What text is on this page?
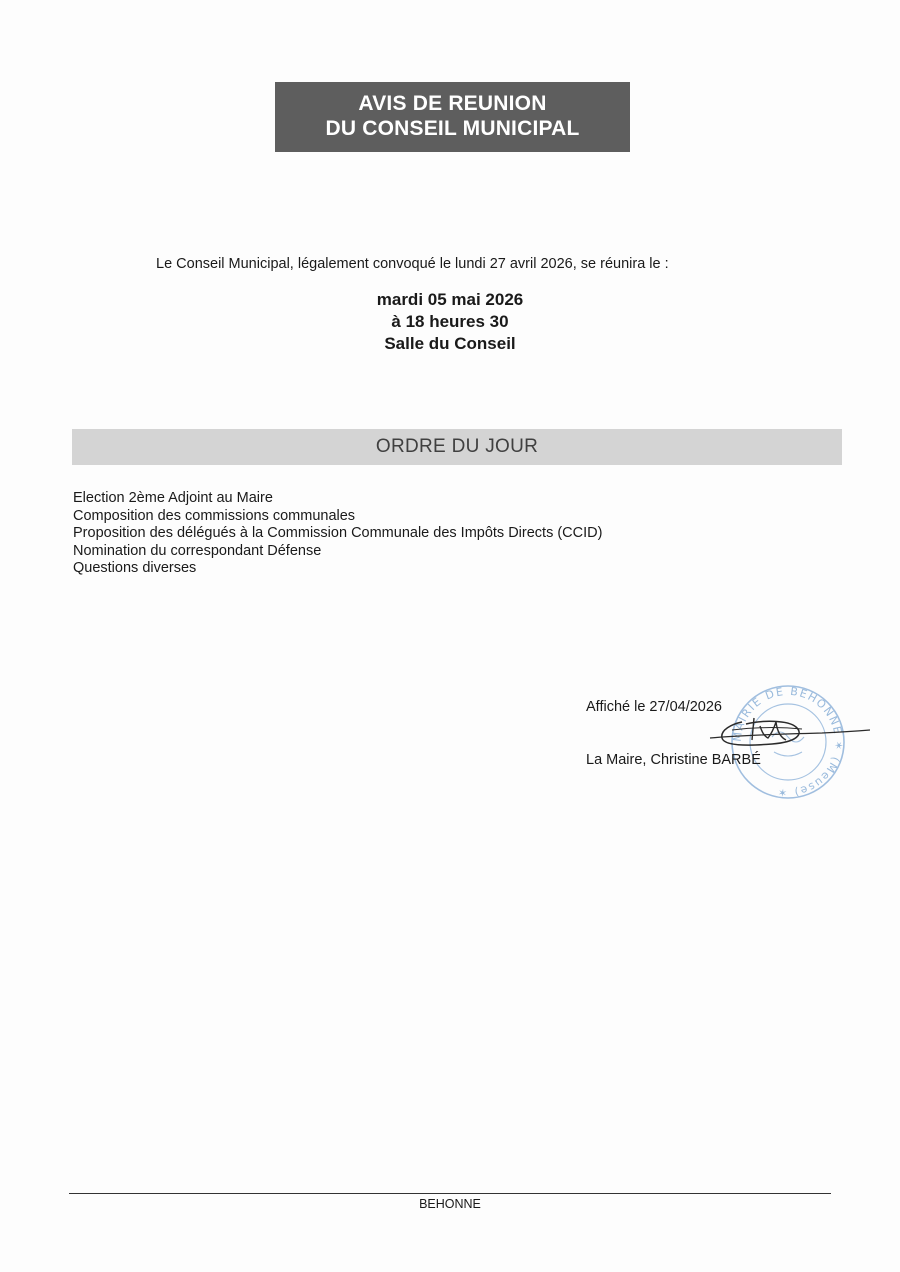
AVIS DE REUNION
DU CONSEIL MUNICIPAL
Le Conseil Municipal, légalement convoqué le lundi 27 avril 2026, se réunira le :
mardi 05 mai 2026
à 18 heures 30
Salle du Conseil
ORDRE DU JOUR
Election 2ème Adjoint au Maire
Composition des commissions communales
Proposition des délégués à la Commission Communale des Impôts Directs (CCID)
Nomination du correspondant Défense
Questions diverses
MAIRIE DE BEHONNE ✶ (Meuse) ✶
Affiché le 27/04/2026
La Maire, Christine BARBÉ
BEHONNE
